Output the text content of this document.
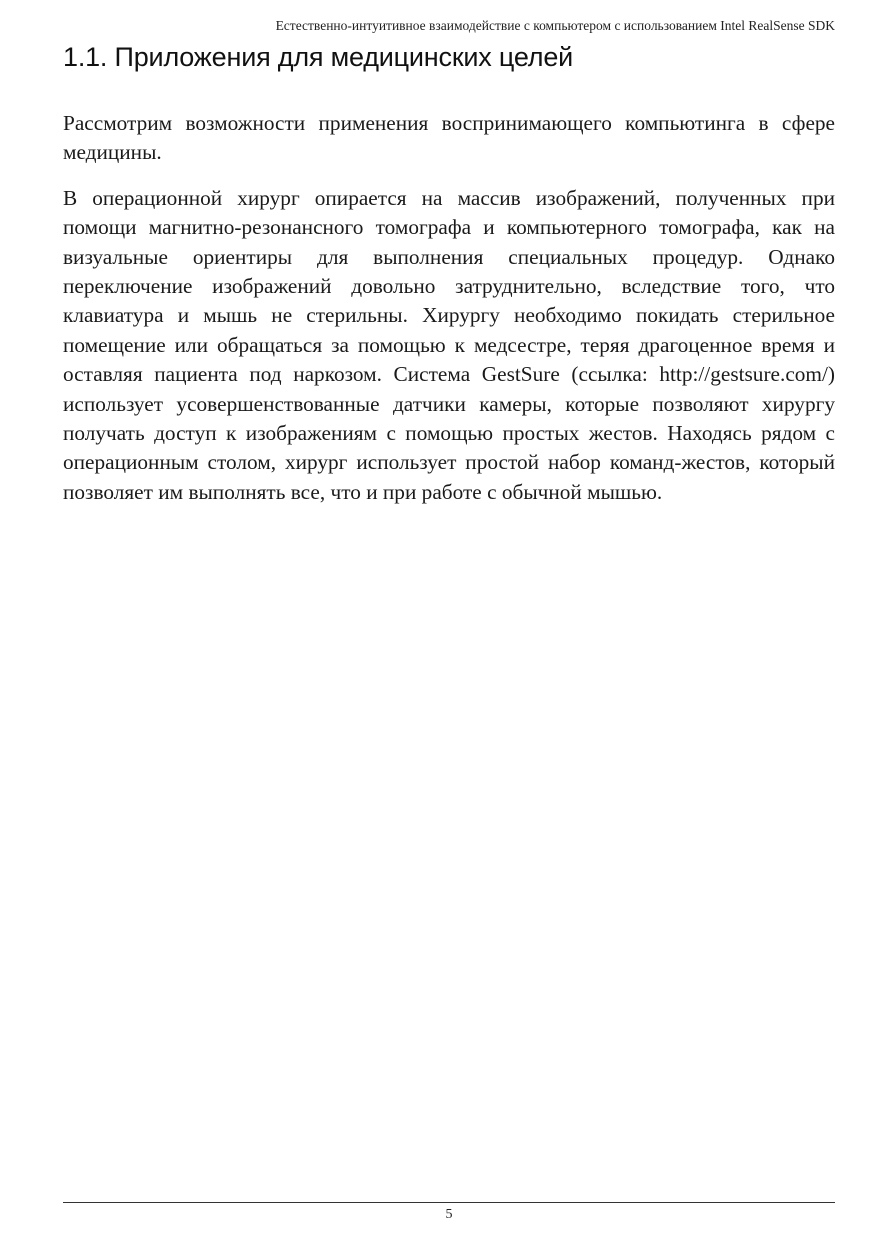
Естественно-интуитивное взаимодействие с компьютером с использованием Intel RealSense SDK
1.1. Приложения для медицинских целей

Рассмотрим возможности применения воспринимающего компьютинга в сфере медицины.

В операционной хирург опирается на массив изображений, полученных при помощи магнитно-резонансного томографа и компьютерного томографа, как на визуальные ориентиры для выполнения специальных процедур. Однако переключение изображений довольно затруднительно, вследствие того, что клавиатура и мышь не стерильны. Хирургу необходимо покидать стерильное помещение или обращаться за помощью к медсестре, теряя драгоценное время и оставляя пациента под наркозом. Система GestSure (ссылка: http://gestsure.com/) использует усовершенствованные датчики камеры, которые позволяют хирургу получать доступ к изображениям с помощью простых жестов. Находясь рядом с операционным столом, хирург использует простой набор команд-жестов, который позволяет им выполнять все, что и при работе с обычной мышью.

5
